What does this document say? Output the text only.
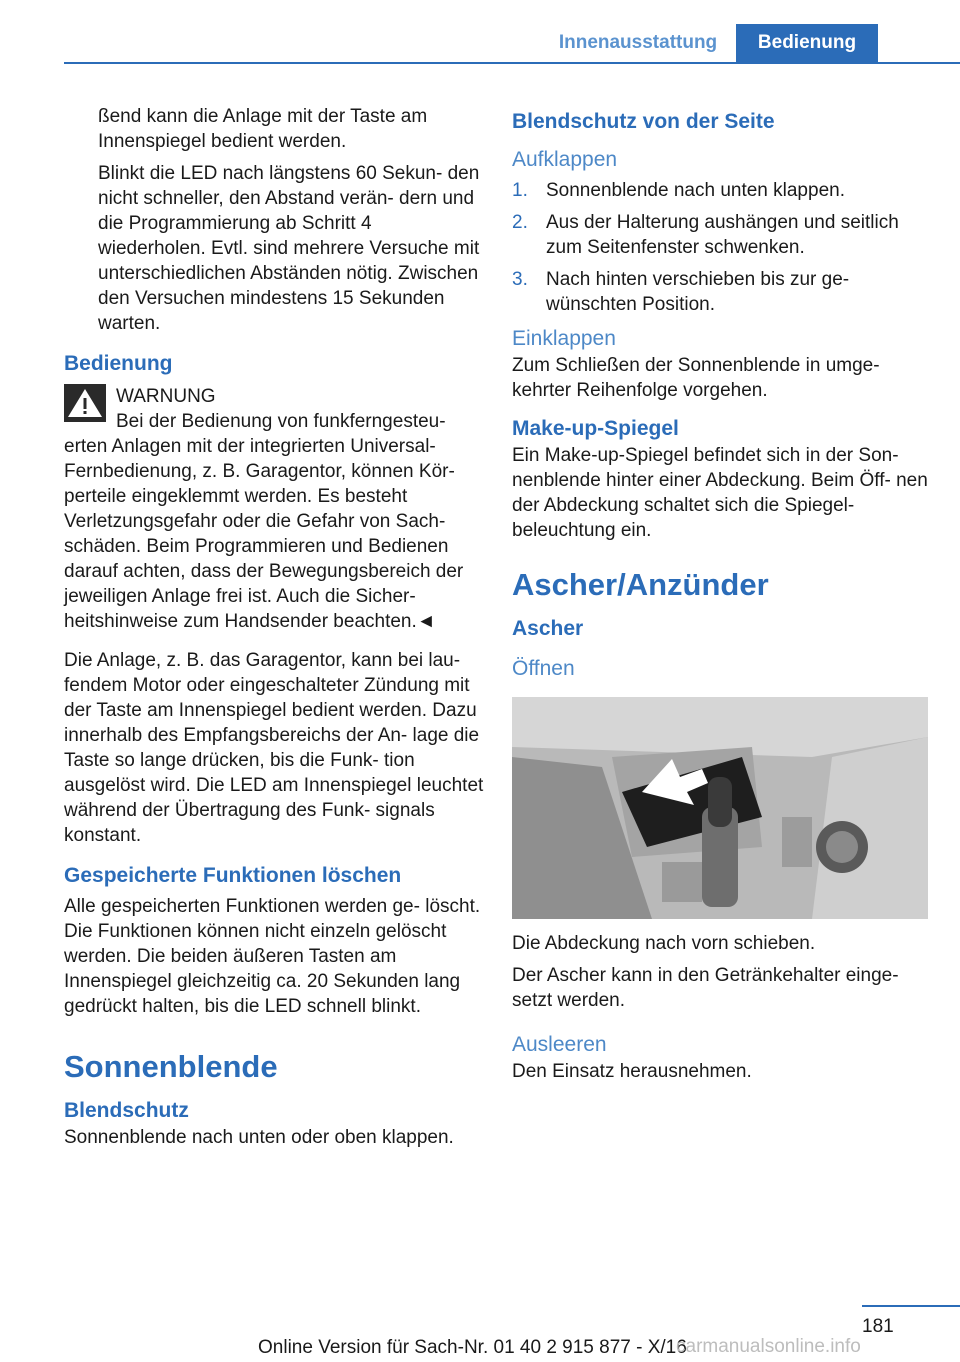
Innenausstattung	Bedienung

ßend kann die Anlage mit der Taste am Innenspiegel bedient werden.

Blinkt die LED nach längstens 60 Sekun‐ den nicht schneller, den Abstand verän‐ dern und die Programmierung ab Schritt 4 wiederholen. Evtl. sind mehrere Versuche mit unterschiedlichen Abständen nötig. Zwischen den Versuchen mindestens 15 Sekunden warten.

Bedienung
WARNUNG
Bei der Bedienung von funkferngesteu‐
erten Anlagen mit der integrierten Universal‐ Fernbedienung, z. B. Garagentor, können Kör‐ perteile eingeklemmt werden. Es besteht Verletzungsgefahr oder die Gefahr von Sach‐ schäden. Beim Programmieren und Bedienen darauf achten, dass der Bewegungsbereich der jeweiligen Anlage frei ist. Auch die Sicher‐ heitshinweise zum Handsender beachten.◄

Die Anlage, z. B. das Garagentor, kann bei lau‐ fendem Motor oder eingeschalteter Zündung mit der Taste am Innenspiegel bedient werden. Dazu innerhalb des Empfangsbereichs der An‐ lage die Taste so lange drücken, bis die Funk‐ tion ausgelöst wird. Die LED am Innenspiegel leuchtet während der Übertragung des Funk‐ signals konstant.

Gespeicherte Funktionen löschen

Alle gespeicherten Funktionen werden ge‐ löscht. Die Funktionen können nicht einzeln gelöscht werden. Die beiden äußeren Tasten am Innenspiegel gleichzeitig ca. 20 Sekunden lang gedrückt halten, bis die LED schnell blinkt.

Sonnenblende
Blendschutz

Sonnenblende nach unten oder oben klappen.

Blendschutz von der Seite
Aufklappen
1. Sonnenblende nach unten klappen.
2. Aus der Halterung aushängen und seitlich zum Seitenfenster schwenken.
3. Nach hinten verschieben bis zur ge‐ wünschten Position.
Einklappen

Zum Schließen der Sonnenblende in umge‐ kehrter Reihenfolge vorgehen.

Make-up-Spiegel

Ein Make-up-Spiegel befindet sich in der Son‐ nenblende hinter einer Abdeckung. Beim Öff‐ nen der Abdeckung schaltet sich die Spiegel‐ beleuchtung ein.

Ascher/Anzünder
Ascher
Öffnen

Die Abdeckung nach vorn schieben.

Der Ascher kann in den Getränkehalter einge‐ setzt werden.

Ausleeren

Den Einsatz herausnehmen.

181
Online Version für Sach-Nr. 01 40 2 915 877 - X/16
carmanualsonline.info
